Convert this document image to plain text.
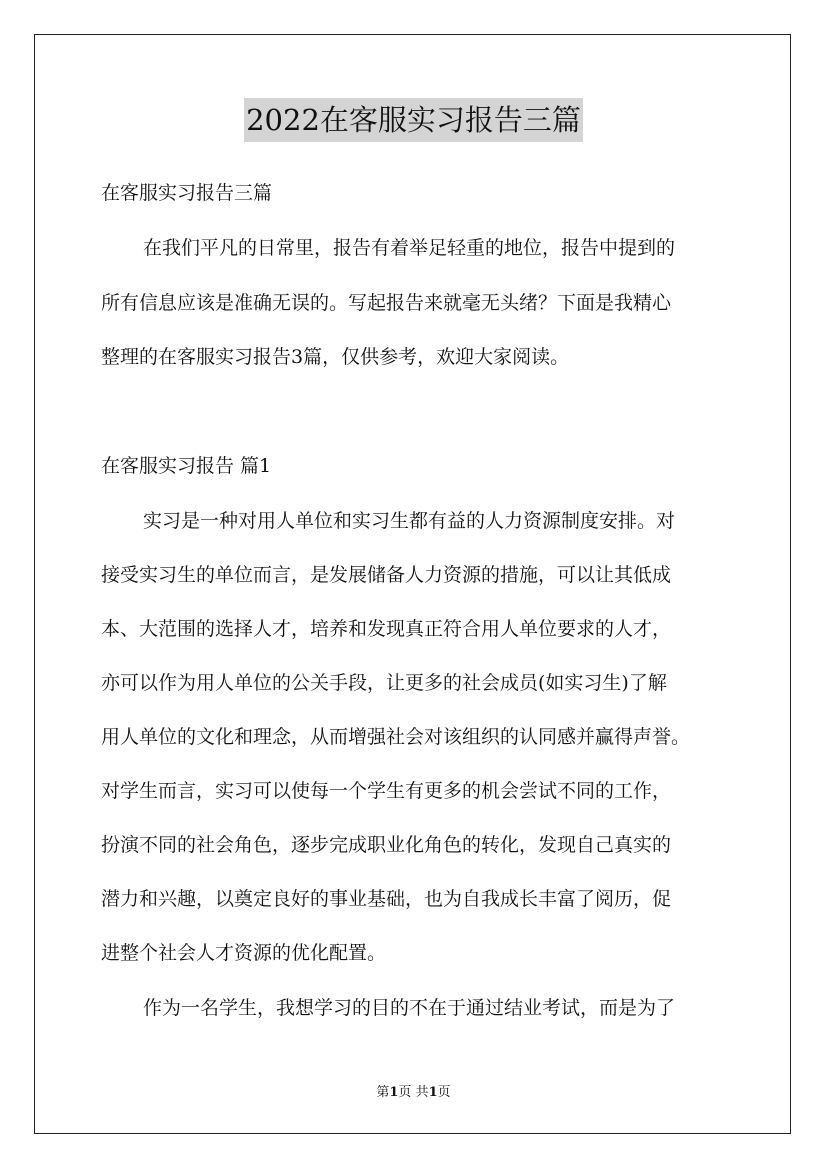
2022在客服实习报告三篇
在客服实习报告三篇
在我们平凡的日常里，报告有着举足轻重的地位，报告中提到的
所有信息应该是准确无误的。写起报告来就毫无头绪？下面是我精心
整理的在客服实习报告3篇，仅供参考，欢迎大家阅读。
在客服实习报告 篇1
实习是一种对用人单位和实习生都有益的人力资源制度安排。对
接受实习生的单位而言，是发展储备人力资源的措施，可以让其低成
本、大范围的选择人才，培养和发现真正符合用人单位要求的人才，
亦可以作为用人单位的公关手段，让更多的社会成员(如实习生)了解
用人单位的文化和理念，从而增强社会对该组织的认同感并赢得声誉。
对学生而言，实习可以使每一个学生有更多的机会尝试不同的工作，
扮演不同的社会角色，逐步完成职业化角色的转化，发现自己真实的
潜力和兴趣，以奠定良好的事业基础，也为自我成长丰富了阅历，促
进整个社会人才资源的优化配置。
作为一名学生，我想学习的目的不在于通过结业考试，而是为了
第1页 共1页
